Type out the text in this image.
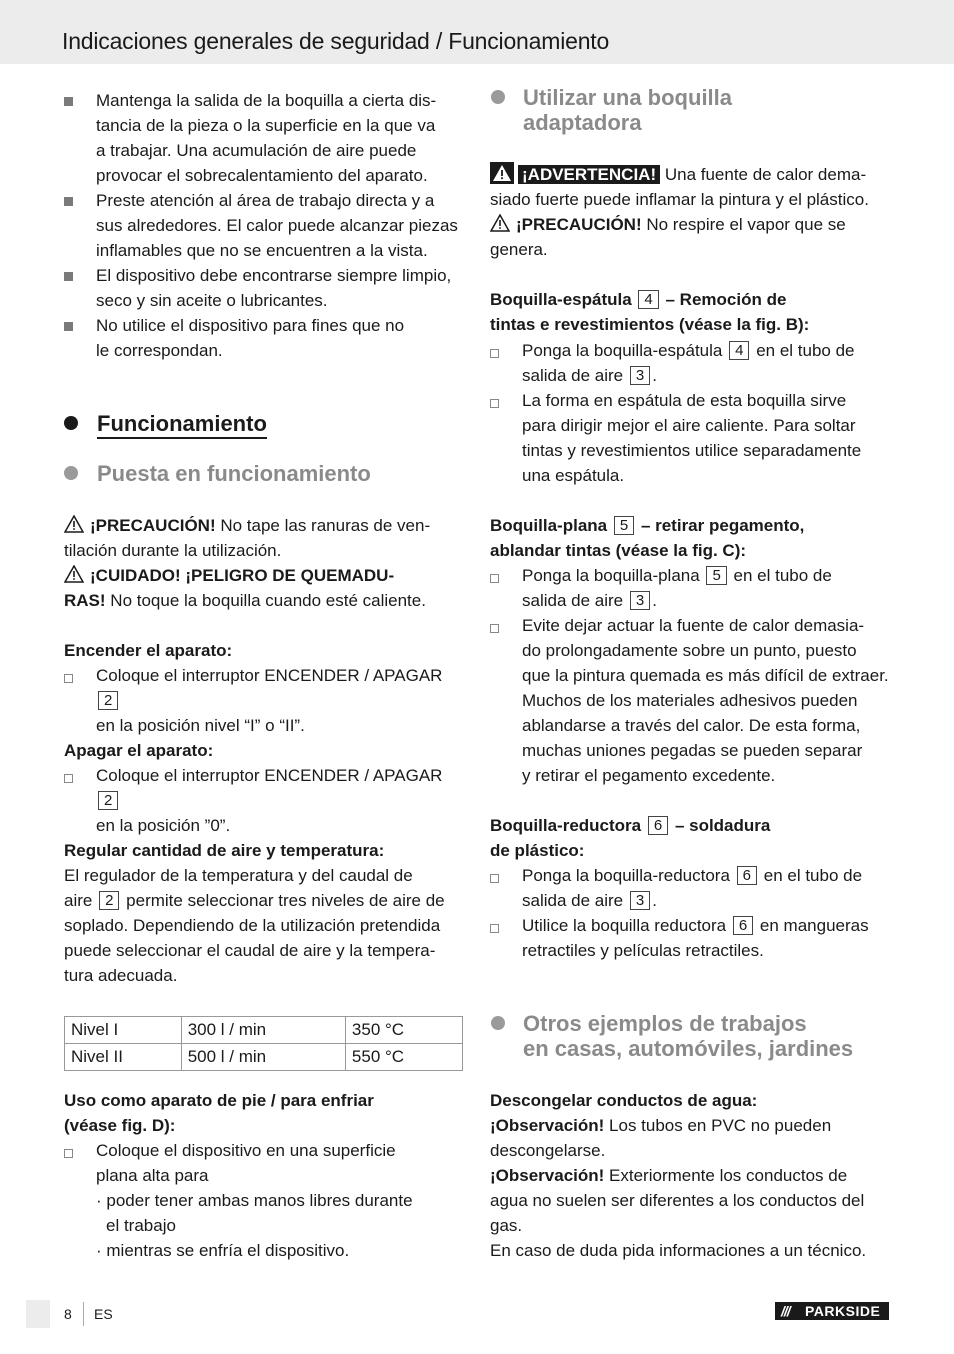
Indicaciones generales de seguridad / Funcionamiento
Mantenga la salida de la boquilla a cierta dis-
tancia de la pieza o la superficie en la que va
a trabajar. Una acumulación de aire puede
provocar el sobrecalentamiento del aparato.
Preste atención al área de trabajo directa y a
sus alrededores. El calor puede alcanzar piezas
inflamables que no se encuentren a la vista.
El dispositivo debe encontrarse siempre limpio,
seco y sin aceite o lubricantes.
No utilice el dispositivo para fines que no
le correspondan.
Funcionamiento
Puesta en funcionamiento
¡PRECAUCIÓN! No tape las ranuras de ven-
tilación durante la utilización.
¡CUIDADO! ¡PELIGRO DE QUEMADU-
RAS! No toque la boquilla cuando esté caliente.
Encender el aparato:
Coloque el interruptor ENCENDER / APAGAR 2
en la posición nivel “I” o “II”.
Apagar el aparato:
Coloque el interruptor ENCENDER / APAGAR 2
en la posición ”0”.
Regular cantidad de aire y temperatura:
El regulador de la temperatura y del caudal de
aire 2 permite seleccionar tres niveles de aire de
soplado. Dependiendo de la utilización pretendida
puede seleccionar el caudal de aire y la tempera-
tura adecuada.
Nivel I	300 l / min	350 °C
Nivel II	500 l / min	550 °C
Uso como aparato de pie / para enfriar
(véase fig. D):
Coloque el dispositivo en una superficie
plana alta para
· poder tener ambas manos libres durante
el trabajo
· mientras se enfría el dispositivo.
Utilizar una boquilla
adaptadora
¡ADVERTENCIA! Una fuente de calor dema-
siado fuerte puede inflamar la pintura y el plástico.
¡PRECAUCIÓN! No respire el vapor que se
genera.
Boquilla-espátula 4 – Remoción de
tintas e revestimientos (véase la fig. B):
Ponga la boquilla-espátula 4 en el tubo de
salida de aire 3 .
La forma en espátula de esta boquilla sirve
para dirigir mejor el aire caliente. Para soltar
tintas y revestimientos utilice separadamente
una espátula.
Boquilla-plana 5 – retirar pegamento,
ablandar tintas (véase la fig. C):
Ponga la boquilla-plana 5 en el tubo de
salida de aire 3 .
Evite dejar actuar la fuente de calor demasia-
do prolongadamente sobre un punto, puesto
que la pintura quemada es más difícil de extraer.
Muchos de los materiales adhesivos pueden
ablandarse a través del calor. De esta forma,
muchas uniones pegadas se pueden separar
y retirar el pegamento excedente.
Boquilla-reductora 6 – soldadura
de plástico:
Ponga la boquilla-reductora 6 en el tubo de
salida de aire 3 .
Utilice la boquilla reductora 6 en mangueras
retractiles y películas retractiles.
Otros ejemplos de trabajos
en casas, automóviles, jardines
Descongelar conductos de agua:
¡Observación! Los tubos en PVC no pueden
descongelarse.
¡Observación! Exteriormente los conductos de
agua no suelen ser diferentes a los conductos del gas.
En caso de duda pida informaciones a un técnico.
8 ES	/// PARKSIDE
